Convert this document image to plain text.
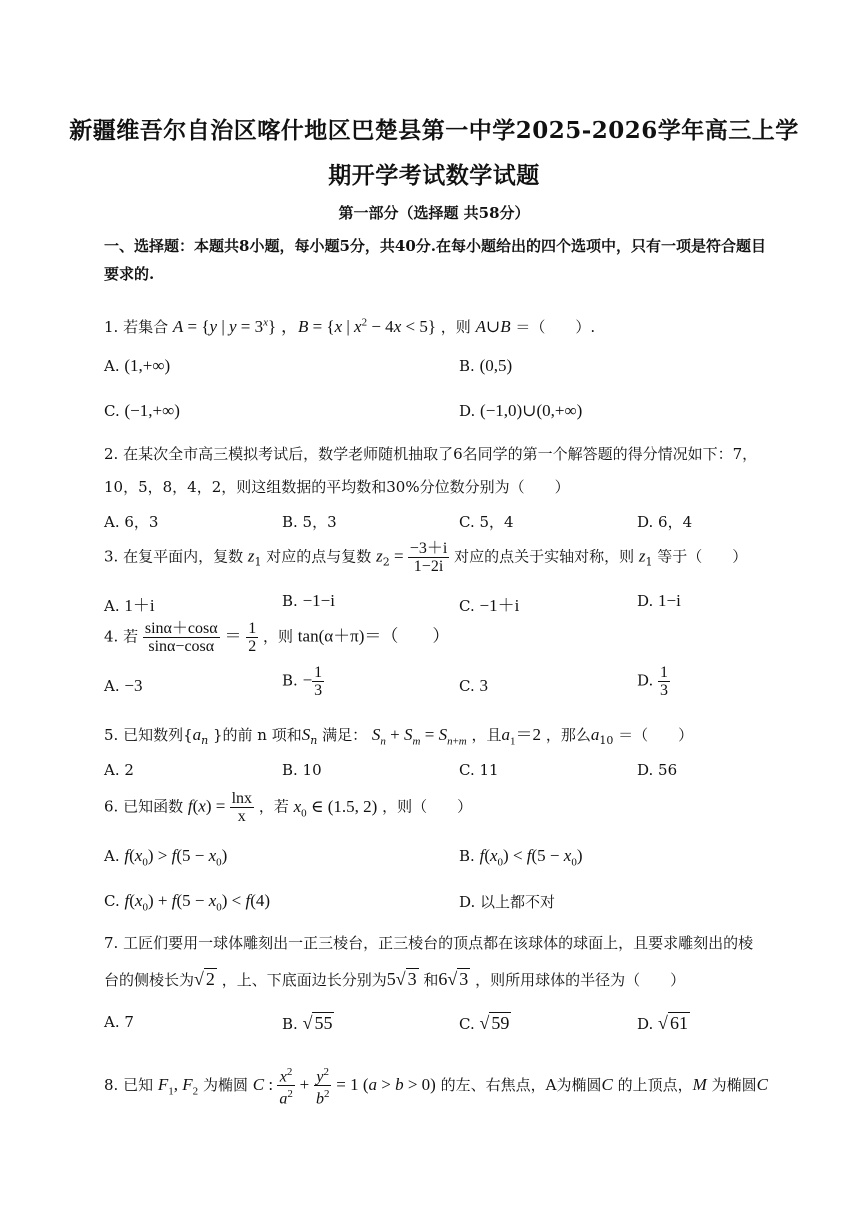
新疆维吾尔自治区喀什地区巴楚县第一中学2025-2026学年高三上学
期开学考试数学试题
第一部分（选择题 共58分）
一、选择题：本题共8小题，每小题5分，共40分.在每小题给出的四个选项中，只有一项是符合题目要求的.
1. 若集合 A = {y | $y = 3^x$} ，B = {x | $x^2 - 4x < 5$} ，则 A∪B ＝（　　）.
A. (1,+∞)	B. (0,5)
C. (−1,+∞)	D. (−1,0)∪(0,+∞)
2. 在某次全市高三模拟考试后，数学老师随机抽取了6名同学的第一个解答题的得分情况如下：7，
10，5，8，4，2，则这组数据的平均数和30%分位数分别为（　　）
A. 6，3	B. 5，3	C. 5，4	D. 6，4
3. 在复平面内，复数 $z_1$ 对应的点与复数 $z_2 = \frac{-3+i}{1-2i}$ 对应的点关于实轴对称，则 $z_1$ 等于（　　）
A. 1＋i	B. −1−i	C. −1＋i	D. 1−i
4. 若 $\frac{\sin\alpha+\cos\alpha}{\sin\alpha-\cos\alpha} = \frac{1}{2}$ ，则 tan(α＋π)＝（　　）
A. −3	B. − $\frac{1}{3}$	C. 3	D. $\frac{1}{3}$
5. 已知数列{$a_n$ }的前 n 项和$S_n$ 满足： $S_n + S_m = S_{n+m}$ ，且$a_1=2$ ，那么$a_{10}$ ＝（　　）
A. 2	B. 10	C. 11	D. 56
6. 已知函数 $f(x) = \frac{\ln x}{x}$ ，若 $x_0$ ∈ (1.5, 2) ，则（　　）
A. $f(x_0) > f(5 - x_0)$	B. $f(x_0) < f(5 - x_0)$
C. $f(x_0) + f(5 - x_0) < f(4)$	D. 以上都不对
7. 工匠们要用一球体雕刻出一正三棱台，正三棱台的顶点都在该球体的球面上，且要求雕刻出的棱
台的侧棱长为√ 2 ，上、下底面边长分别为5√ 3 和6√ 3 ，则所用球体的半径为（　　）
A. 7	B. √ 55	C. √ 59	D. √ 61
8. 已知 $F_1$, $F_2$ 为椭圆 C : $\frac{x^2}{a^2} + \frac{y^2}{b^2} = 1$ (a > b > 0) 的左、右焦点，A为椭圆C 的上顶点，M 为椭圆C
